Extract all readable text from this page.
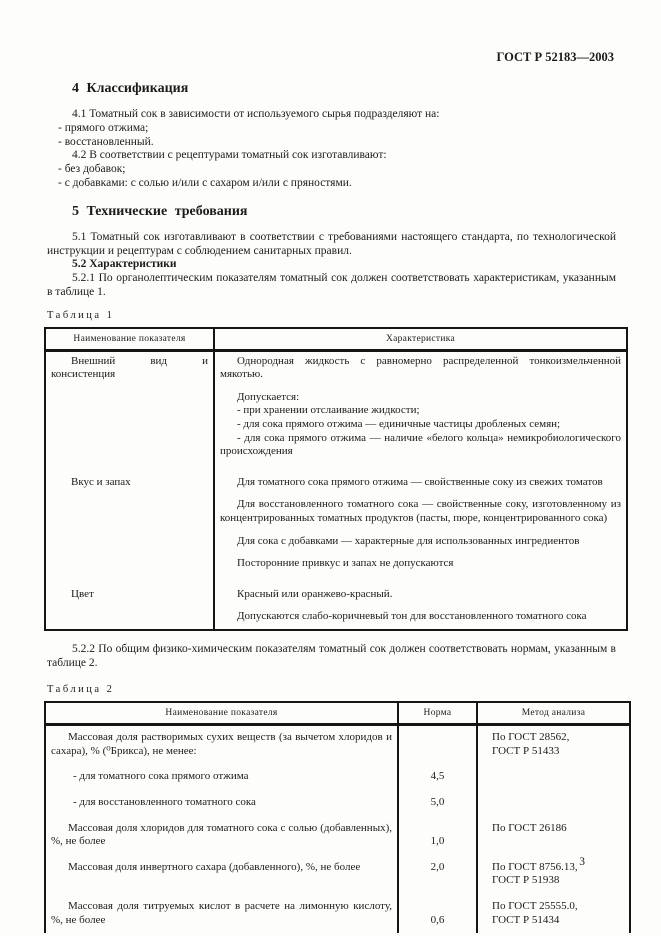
ГОСТ Р 52183—2003
4 Классификация

4.1 Томатный сок в зависимости от используемого сырья подразделяют на:

- прямого отжима;

- восстановленный.

4.2 В соответствии с рецептурами томатный сок изготавливают:

- без добавок;

- с добавками: с солью и/или с сахаром и/или с пряностями.

5 Технические требования

5.1 Томатный сок изготавливают в соответствии с требованиями настоящего стандарта, по технологической инструкции и рецептурам с соблюдением санитарных правил.

5.2 Характеристики

5.2.1 По органолептическим показателям томатный сок должен соответствовать характеристикам, указанным в таблице 1.

Таблица 1

Наименование показателя	Характеристика

Внешний вид и консистенция	Однородная жидкость с равномерно распределенной тонкоизмельченной мякотью.

Допускается:

- при хранении отслаивание жидкости;

- для сока прямого отжима — единичные частицы дробленых семян;

- для сока прямого отжима — наличие «белого кольца» немикробиологического происхождения

Вкус и запах	Для томатного сока прямого отжима — свойственные соку из свежих томатов

Для восстановленного томатного сока — свойственные соку, изготовленному из концентрированных томатных продуктов (пасты, пюре, концентрированного сока)

Для сока с добавками — характерные для использованных ингредиентов

Посторонние привкус и запах не допускаются

Цвет	Красный или оранжево-красный.

Допускаются слабо-коричневый тон для восстановленного томатного сока

5.2.2 По общим физико-химическим показателям томатный сок должен соответствовать нормам, указанным в таблице 2.

Таблица 2

Наименование показателя	Норма	Метод анализа

Массовая доля растворимых сухих веществ (за вычетом хлоридов и сахара), % (⁰Брикса), не менее:		По ГОСТ 28562,
ГОСТ Р 51433

- для томатного сока прямого отжима	4,5	

- для восстановленного томатного сока	5,0	

Массовая доля хлоридов для томатного сока с солью (добавленных), %, не более	1,0	По ГОСТ 26186

Массовая доля инвертного сахара (добавленного), %, не более	2,0	По ГОСТ 8756.13,
ГОСТ Р 51938

Массовая доля титруемых кислот в расчете на лимонную кислоту, %, не более	0,6	По ГОСТ 25555.0,
ГОСТ Р 51434
3
